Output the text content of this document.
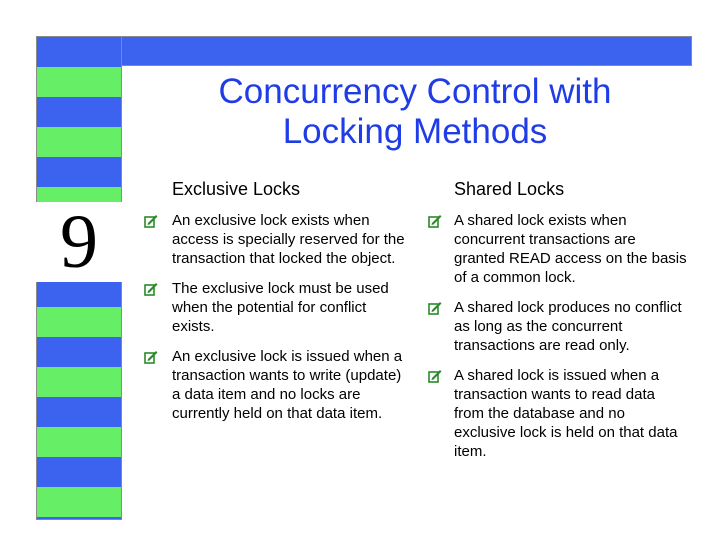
9
Concurrency Control with
Locking Methods
Exclusive Locks
An exclusive lock exists when access is specially reserved for the transaction that locked the object.
The exclusive lock must be used when the potential for conflict exists.
An exclusive lock is issued when a transaction wants to write (update) a data item and no locks are currently held on that data item.
Shared Locks
A shared lock exists when concurrent transactions are granted READ access on the basis of a common lock.
A shared lock produces no conflict as long as the concurrent transactions are read only.
A shared lock is issued when a transaction wants to read data from the database and no exclusive lock is held on that data item.
